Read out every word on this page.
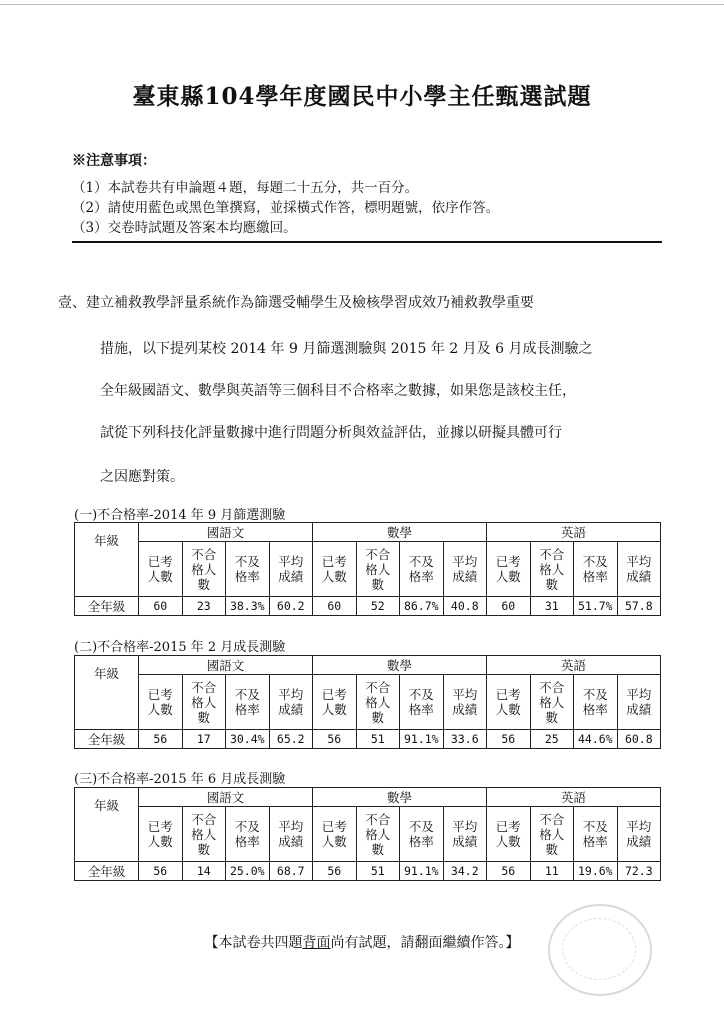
臺東縣104學年度國民中小學主任甄選試題
※注意事項：
（1）本試卷共有申論題４題，每題二十五分，共一百分。
（2）請使用藍色或黑色筆撰寫，並採橫式作答，標明題號，依序作答。
（3）交卷時試題及答案本均應繳回。
壹、建立補救教學評量系統作為篩選受輔學生及檢核學習成效乃補救教學重要
措施，以下提列某校 2014 年 9 月篩選測驗與 2015 年 2 月及 6 月成長測驗之
全年級國語文、數學與英語等三個科目不合格率之數據，如果您是該校主任，
試從下列科技化評量數據中進行問題分析與效益評估，並據以研擬具體可行
之因應對策。
(一)不合格率-2014 年 9 月篩選測驗
年級	國語文				數學				英語			

	已考
人數	不合
格人
數	不及
格率	平均
成績	已考
人數	不合
格人
數	不及
格率	平均
成績	已考
人數	不合
格人
數	不及
格率	平均
成績

全年級	60	23	38.3%	60.2	60	52	86.7%	40.8	60	31	51.7%	57.8
(二)不合格率-2015 年 2 月成長測驗
年級	國語文				數學				英語			

	已考
人數	不合
格人
數	不及
格率	平均
成績	已考
人數	不合
格人
數	不及
格率	平均
成績	已考
人數	不合
格人
數	不及
格率	平均
成績

全年級	56	17	30.4%	65.2	56	51	91.1%	33.6	56	25	44.6%	60.8
(三)不合格率-2015 年 6 月成長測驗
年級	國語文				數學				英語			

	已考
人數	不合
格人
數	不及
格率	平均
成績	已考
人數	不合
格人
數	不及
格率	平均
成績	已考
人數	不合
格人
數	不及
格率	平均
成績

全年級	56	14	25.0%	68.7	56	51	91.1%	34.2	56	11	19.6%	72.3
【本試卷共四題背面尚有試題，請翻面繼續作答。】
